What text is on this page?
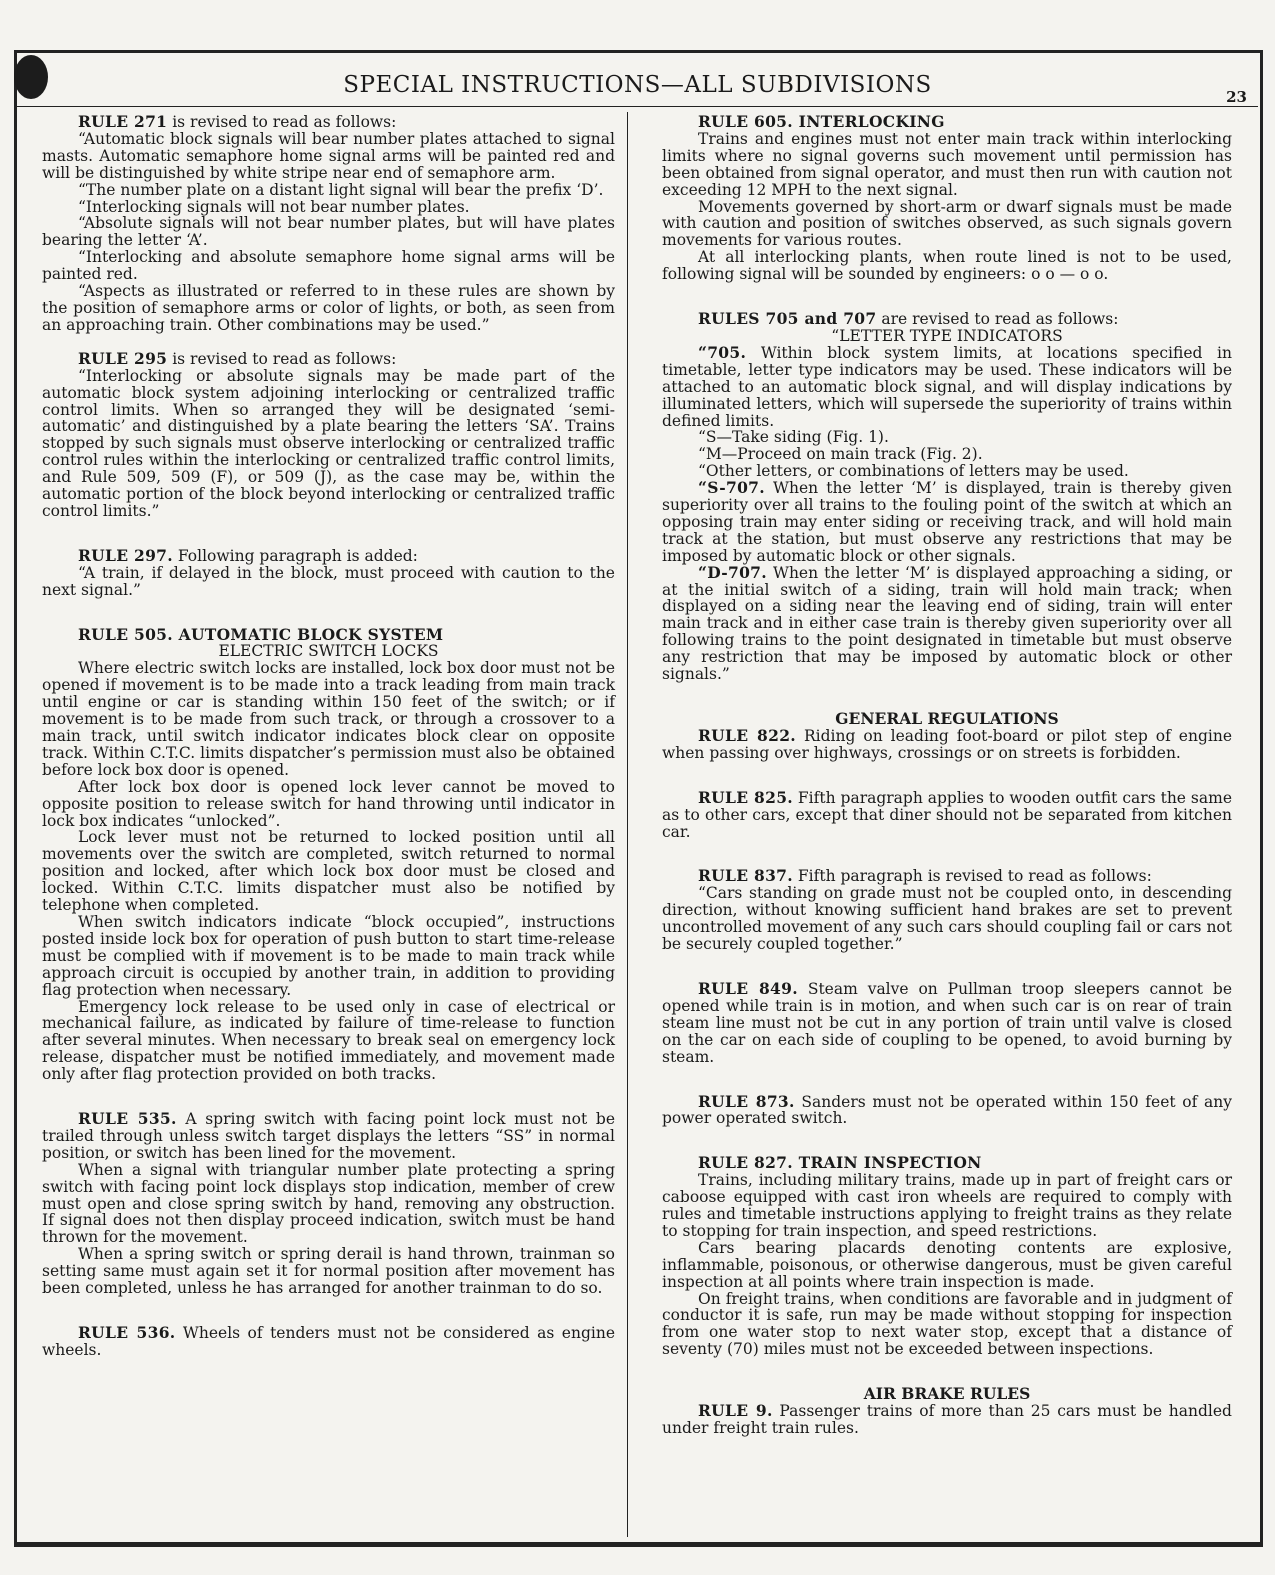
SPECIAL INSTRUCTIONS—ALL SUBDIVISIONS	23

RULE 271 is revised to read as follows:

“Automatic block signals will bear number plates attached to signal masts. Automatic semaphore home signal arms will be painted red and will be distinguished by white stripe near end of semaphore arm.

“The number plate on a distant light signal will bear the prefix ‘D’.

“Interlocking signals will not bear number plates.

“Absolute signals will not bear number plates, but will have plates bearing the letter ‘A’.

“Interlocking and absolute semaphore home signal arms will be painted red.

“Aspects as illustrated or referred to in these rules are shown by the position of semaphore arms or color of lights, or both, as seen from an approaching train. Other combinations may be used.”

RULE 295 is revised to read as follows:

“Interlocking or absolute signals may be made part of the automatic block system adjoining interlocking or centralized traffic control limits. When so arranged they will be designated ‘semi-automatic’ and distinguished by a plate bearing the letters ‘SA’. Trains stopped by such signals must observe interlocking or centralized traffic control rules within the interlocking or centralized traffic control limits, and Rule 509, 509 (F), or 509 (J), as the case may be, within the automatic portion of the block beyond interlocking or centralized traffic control limits.”

RULE 297. Following paragraph is added:

“A train, if delayed in the block, must proceed with caution to the next signal.”

RULE 505. AUTOMATIC BLOCK SYSTEM

ELECTRIC SWITCH LOCKS

Where electric switch locks are installed, lock box door must not be opened if movement is to be made into a track leading from main track until engine or car is standing within 150 feet of the switch; or if movement is to be made from such track, or through a crossover to a main track, until switch indicator indicates block clear on opposite track. Within C.T.C. limits dispatcher’s permission must also be obtained before lock box door is opened.

After lock box door is opened lock lever cannot be moved to opposite position to release switch for hand throwing until indicator in lock box indicates “unlocked”.

Lock lever must not be returned to locked position until all movements over the switch are completed, switch returned to normal position and locked, after which lock box door must be closed and locked. Within C.T.C. limits dispatcher must also be notified by telephone when completed.

When switch indicators indicate “block occupied”, instructions posted inside lock box for operation of push button to start time-release must be complied with if movement is to be made to main track while approach circuit is occupied by another train, in addition to providing flag protection when necessary.

Emergency lock release to be used only in case of electrical or mechanical failure, as indicated by failure of time-release to function after several minutes. When necessary to break seal on emergency lock release, dispatcher must be notified immediately, and movement made only after flag protection provided on both tracks.

RULE 535. A spring switch with facing point lock must not be trailed through unless switch target displays the letters “SS” in normal position, or switch has been lined for the movement.

When a signal with triangular number plate protecting a spring switch with facing point lock displays stop indication, member of crew must open and close spring switch by hand, removing any obstruction. If signal does not then display proceed indication, switch must be hand thrown for the movement.

When a spring switch or spring derail is hand thrown, trainman so setting same must again set it for normal position after movement has been completed, unless he has arranged for another trainman to do so.

RULE 536. Wheels of tenders must not be considered as engine wheels.

RULE 605. INTERLOCKING

Trains and engines must not enter main track within interlocking limits where no signal governs such movement until permission has been obtained from signal operator, and must then run with caution not exceeding 12 MPH to the next signal.

Movements governed by short-arm or dwarf signals must be made with caution and position of switches observed, as such signals govern movements for various routes.

At all interlocking plants, when route lined is not to be used, following signal will be sounded by engineers: o o — o o.

RULES 705 and 707 are revised to read as follows:

“LETTER TYPE INDICATORS

“705. Within block system limits, at locations specified in timetable, letter type indicators may be used. These indicators will be attached to an automatic block signal, and will display indications by illuminated letters, which will supersede the superiority of trains within defined limits.

“S—Take siding (Fig. 1).

“M—Proceed on main track (Fig. 2).

“Other letters, or combinations of letters may be used.

“S-707. When the letter ‘M’ is displayed, train is thereby given superiority over all trains to the fouling point of the switch at which an opposing train may enter siding or receiving track, and will hold main track at the station, but must observe any restrictions that may be imposed by automatic block or other signals.

“D-707. When the letter ‘M’ is displayed approaching a siding, or at the initial switch of a siding, train will hold main track; when displayed on a siding near the leaving end of siding, train will enter main track and in either case train is thereby given superiority over all following trains to the point designated in timetable but must observe any restriction that may be imposed by automatic block or other signals.”

GENERAL REGULATIONS

RULE 822. Riding on leading foot-board or pilot step of engine when passing over highways, crossings or on streets is forbidden.

RULE 825. Fifth paragraph applies to wooden outfit cars the same as to other cars, except that diner should not be separated from kitchen car.

RULE 837. Fifth paragraph is revised to read as follows:

“Cars standing on grade must not be coupled onto, in descending direction, without knowing sufficient hand brakes are set to prevent uncontrolled movement of any such cars should coupling fail or cars not be securely coupled together.”

RULE 849. Steam valve on Pullman troop sleepers cannot be opened while train is in motion, and when such car is on rear of train steam line must not be cut in any portion of train until valve is closed on the car on each side of coupling to be opened, to avoid burning by steam.

RULE 873. Sanders must not be operated within 150 feet of any power operated switch.

RULE 827. TRAIN INSPECTION

Trains, including military trains, made up in part of freight cars or caboose equipped with cast iron wheels are required to comply with rules and timetable instructions applying to freight trains as they relate to stopping for train inspection, and speed restrictions.

Cars bearing placards denoting contents are explosive, inflammable, poisonous, or otherwise dangerous, must be given careful inspection at all points where train inspection is made.

On freight trains, when conditions are favorable and in judgment of conductor it is safe, run may be made without stopping for inspection from one water stop to next water stop, except that a distance of seventy (70) miles must not be exceeded between inspections.

AIR BRAKE RULES

RULE 9. Passenger trains of more than 25 cars must be handled under freight train rules.
